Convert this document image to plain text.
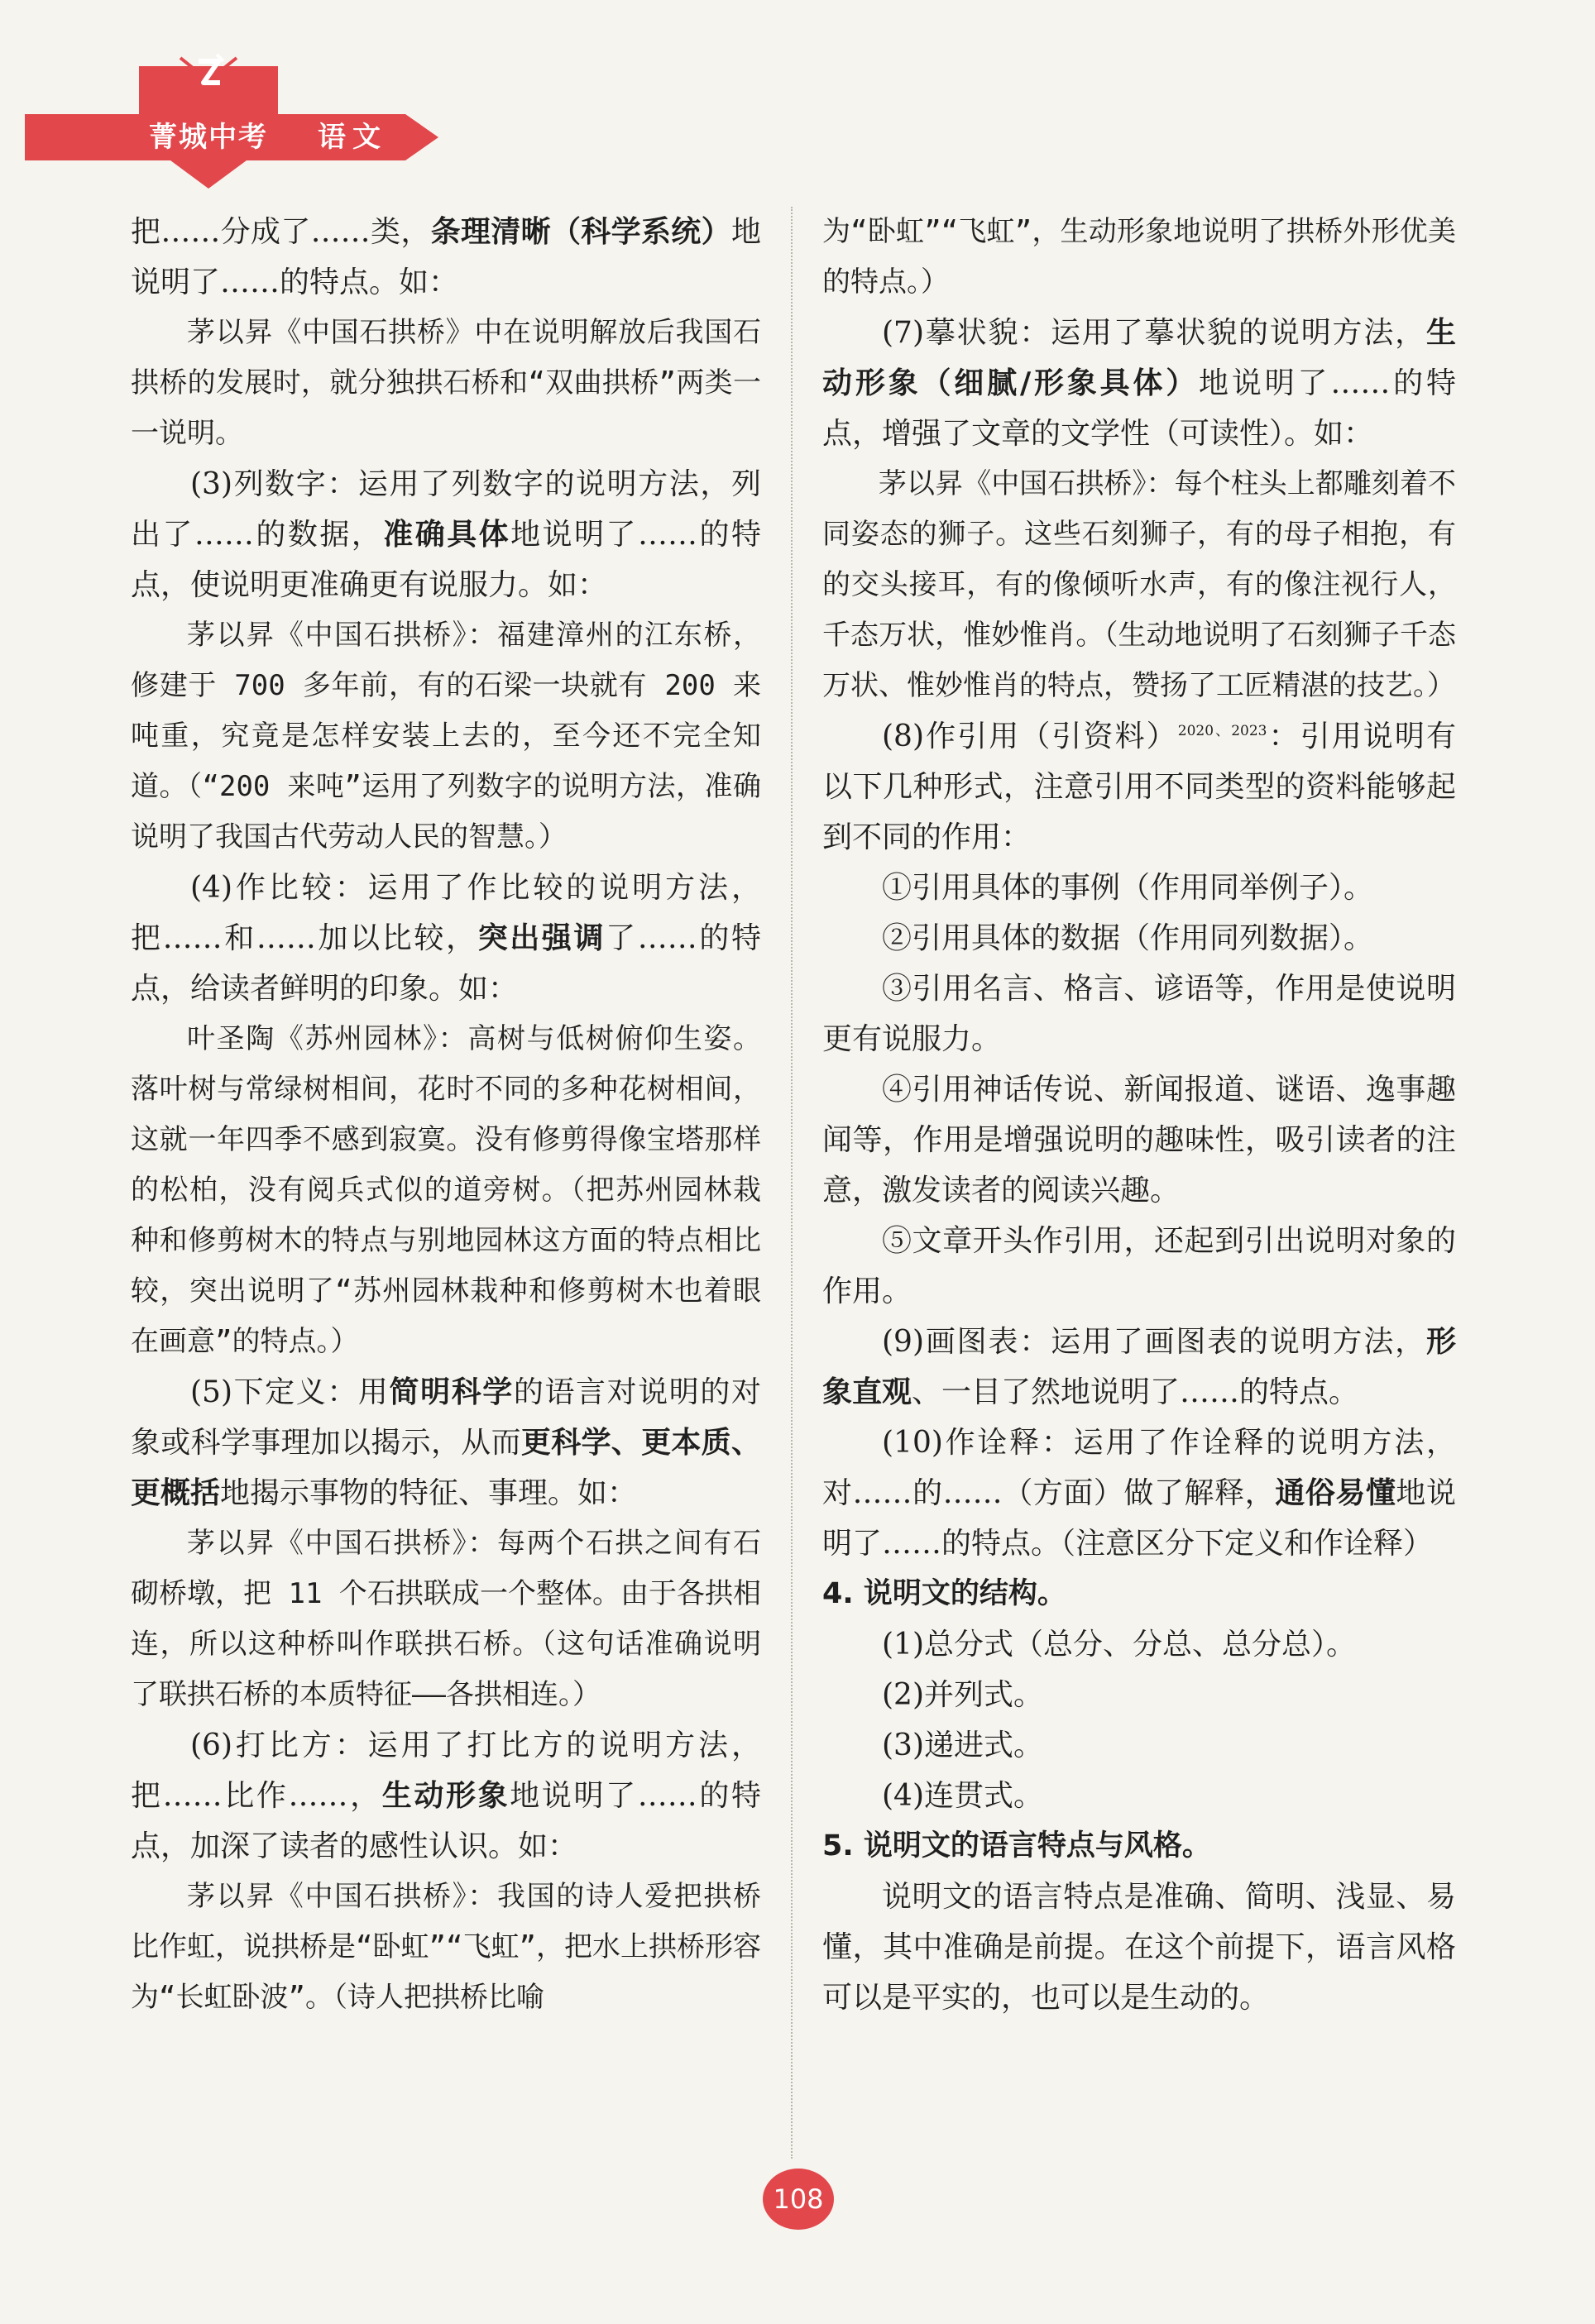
菁城中考	语文

把……分成了……类，条理清晰（科学系统）地说明了……的特点。如：

茅以昇《中国石拱桥》中在说明解放后我国石拱桥的发展时，就分独拱石桥和“双曲拱桥”两类一一说明。

(3)列数字：运用了列数字的说明方法，列出了……的数据，准确具体地说明了……的特点，使说明更准确更有说服力。如：

茅以昇《中国石拱桥》：福建漳州的江东桥，修建于 700 多年前，有的石梁一块就有 200 来吨重，究竟是怎样安装上去的，至今还不完全知道。（“200 来吨”运用了列数字的说明方法，准确说明了我国古代劳动人民的智慧。）

(4)作比较：运用了作比较的说明方法，把……和……加以比较，突出强调了……的特点，给读者鲜明的印象。如：

叶圣陶《苏州园林》：高树与低树俯仰生姿。落叶树与常绿树相间，花时不同的多种花树相间，这就一年四季不感到寂寞。没有修剪得像宝塔那样的松柏，没有阅兵式似的道旁树。（把苏州园林栽种和修剪树木的特点与别地园林这方面的特点相比较，突出说明了“苏州园林栽种和修剪树木也着眼在画意”的特点。）

(5)下定义：用简明科学的语言对说明的对象或科学事理加以揭示，从而更科学、更本质、更概括地揭示事物的特征、事理。如：

茅以昇《中国石拱桥》：每两个石拱之间有石砌桥墩，把 11 个石拱联成一个整体。由于各拱相连，所以这种桥叫作联拱石桥。（这句话准确说明了联拱石桥的本质特征——各拱相连。）

(6)打比方：运用了打比方的说明方法，把……比作……，生动形象地说明了……的特点，加深了读者的感性认识。如：

茅以昇《中国石拱桥》：我国的诗人爱把拱桥比作虹，说拱桥是“卧虹”“飞虹”，把水上拱桥形容为“长虹卧波”。（诗人把拱桥比喻

为“卧虹”“飞虹”，生动形象地说明了拱桥外形优美的特点。）

(7)摹状貌：运用了摹状貌的说明方法，生动形象（细腻/形象具体）地说明了……的特点，增强了文章的文学性（可读性）。如：

茅以昇《中国石拱桥》：每个柱头上都雕刻着不同姿态的狮子。这些石刻狮子，有的母子相抱，有的交头接耳，有的像倾听水声，有的像注视行人，千态万状，惟妙惟肖。（生动地说明了石刻狮子千态万状、惟妙惟肖的特点，赞扬了工匠精湛的技艺。）

(8)作引用（引资料）$^{2020、2023}$：引用说明有以下几种形式，注意引用不同类型的资料能够起到不同的作用：

①引用具体的事例（作用同举例子）。

②引用具体的数据（作用同列数据）。

③引用名言、格言、谚语等，作用是使说明更有说服力。

④引用神话传说、新闻报道、谜语、逸事趣闻等，作用是增强说明的趣味性，吸引读者的注意，激发读者的阅读兴趣。

⑤文章开头作引用，还起到引出说明对象的作用。

(9)画图表：运用了画图表的说明方法，形象直观、一目了然地说明了……的特点。

(10)作诠释：运用了作诠释的说明方法，对……的……（方面）做了解释，通俗易懂地说明了……的特点。（注意区分下定义和作诠释）

4. 说明文的结构。

(1)总分式（总分、分总、总分总）。

(2)并列式。

(3)递进式。

(4)连贯式。

5. 说明文的语言特点与风格。

说明文的语言特点是准确、简明、浅显、易懂，其中准确是前提。在这个前提下，语言风格可以是平实的，也可以是生动的。

108
